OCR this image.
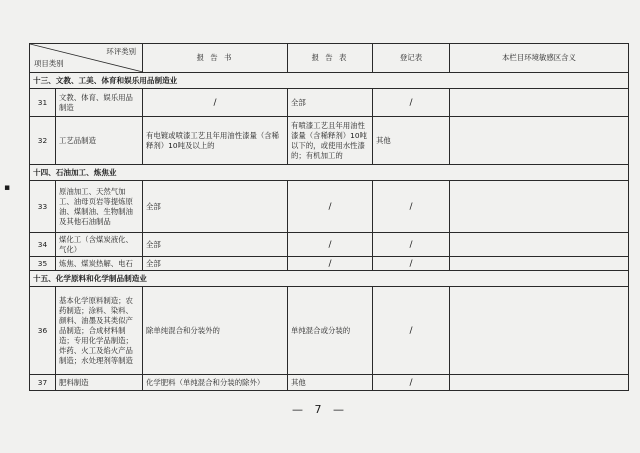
▪
环评类别
项目类别		报 告 书	报 告 表	登记表	本栏目环境敏感区含义
十三、文教、工美、体育和娱乐用品制造业					
31	文教、体育、娱乐用品制造	/	全部	/	
32	工艺品制造	有电镀或喷漆工艺且年用油性漆量（含稀释剂）10吨及以上的	有喷漆工艺且年用油性漆量（含稀释剂）10吨以下的，或使用水性漆的；有机加工的	其他	
十四、石油加工、炼焦业					
33	原油加工、天然气加工、油母页岩等提炼原油、煤制油、生物制油及其他石油制品	全部	/	/	
34	煤化工（含煤炭液化、气化）	全部	/	/	
35	炼焦、煤炭热解、电石	全部	/	/	
十五、化学原料和化学制品制造业					
36	基本化学原料制造；农药制造；涂料、染料、颜料、油墨及其类似产品制造；合成材料制造；专用化学品制造；炸药、火工及焰火产品制造；水处理剂等制造	除单纯混合和分装外的	单纯混合或分装的	/	
37	肥料制造	化学肥料（单纯混合和分装的除外）	其他	/	
— 7 —
